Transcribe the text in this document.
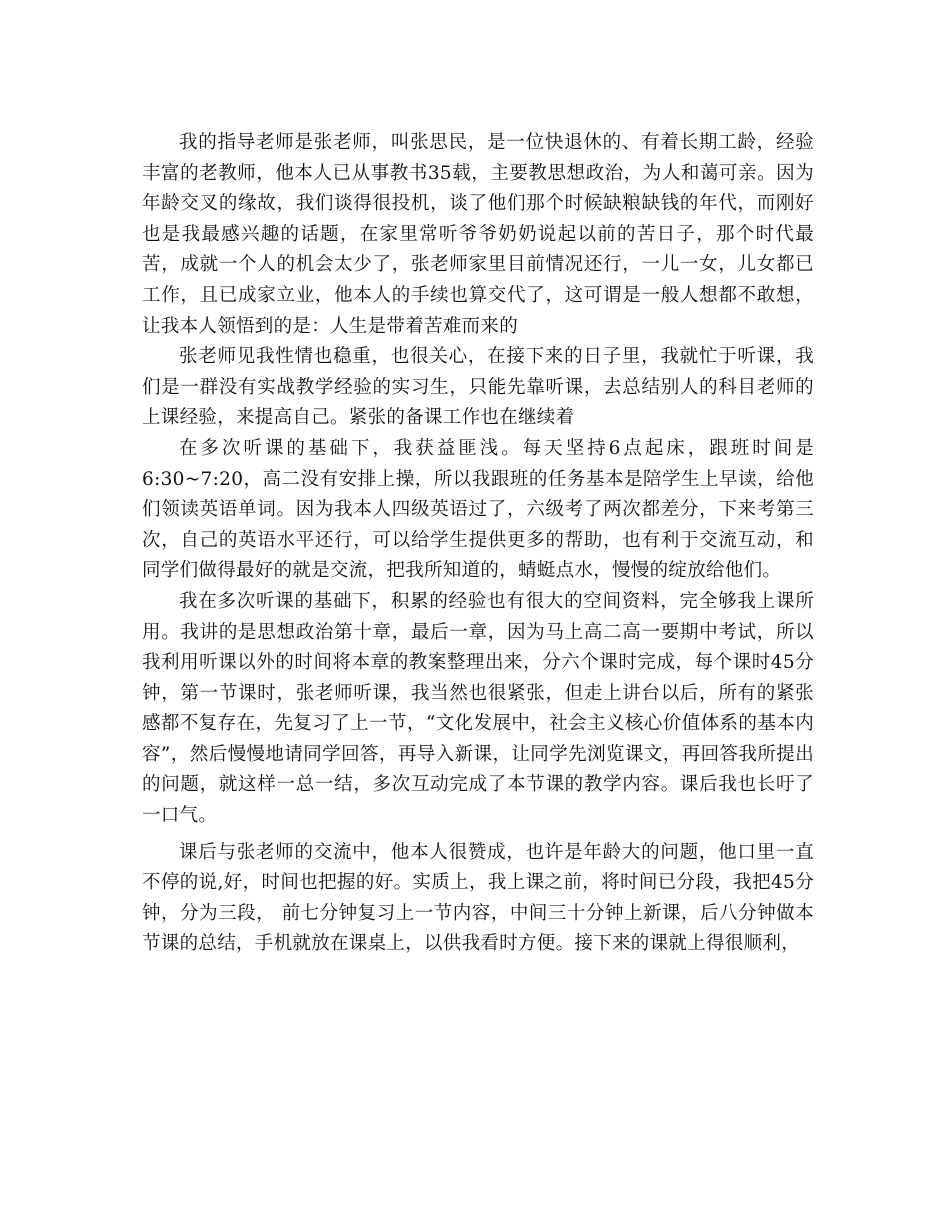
我的指导老师是张老师，叫张思民，是一位快退休的、有着长期工龄，经验丰富的老教师，他本人已从事教书35载，主要教思想政治，为人和蔼可亲。因为年龄交叉的缘故，我们谈得很投机，谈了他们那个时候缺粮缺钱的年代，而刚好也是我最感兴趣的话题，在家里常听爷爷奶奶说起以前的苦日子，那个时代最苦，成就一个人的机会太少了，张老师家里目前情况还行，一儿一女，儿女都已工作，且已成家立业，他本人的手续也算交代了，这可谓是一般人想都不敢想，让我本人领悟到的是：人生是带着苦难而来的

张老师见我性情也稳重，也很关心，在接下来的日子里，我就忙于听课，我们是一群没有实战教学经验的实习生，只能先靠听课，去总结别人的科目老师的上课经验，来提高自己。紧张的备课工作也在继续着

在多次听课的基础下，我获益匪浅。每天坚持6点起床，跟班时间是6:30~7:20，高二没有安排上操，所以我跟班的任务基本是陪学生上早读，给他们领读英语单词。因为我本人四级英语过了，六级考了两次都差分，下来考第三次，自己的英语水平还行，可以给学生提供更多的帮助，也有利于交流互动，和同学们做得最好的就是交流，把我所知道的，蜻蜓点水，慢慢的绽放给他们。

我在多次听课的基础下，积累的经验也有很大的空间资料，完全够我上课所用。我讲的是思想政治第十章，最后一章，因为马上高二高一要期中考试，所以我利用听课以外的时间将本章的教案整理出来，分六个课时完成，每个课时45分钟，第一节课时，张老师听课，我当然也很紧张，但走上讲台以后，所有的紧张感都不复存在，先复习了上一节，“文化发展中，社会主义核心价值体系的基本内容”，然后慢慢地请同学回答，再导入新课，让同学先浏览课文，再回答我所提出的问题，就这样一总一结，多次互动完成了本节课的教学内容。课后我也长吁了一口气。

课后与张老师的交流中，他本人很赞成，也许是年龄大的问题，他口里一直不停的说,好，时间也把握的好。实质上，我上课之前，将时间已分段，我把45分钟，分为三段， 前七分钟复习上一节内容，中间三十分钟上新课，后八分钟做本节课的总结，手机就放在课桌上，以供我看时方便。接下来的课就上得很顺利，
